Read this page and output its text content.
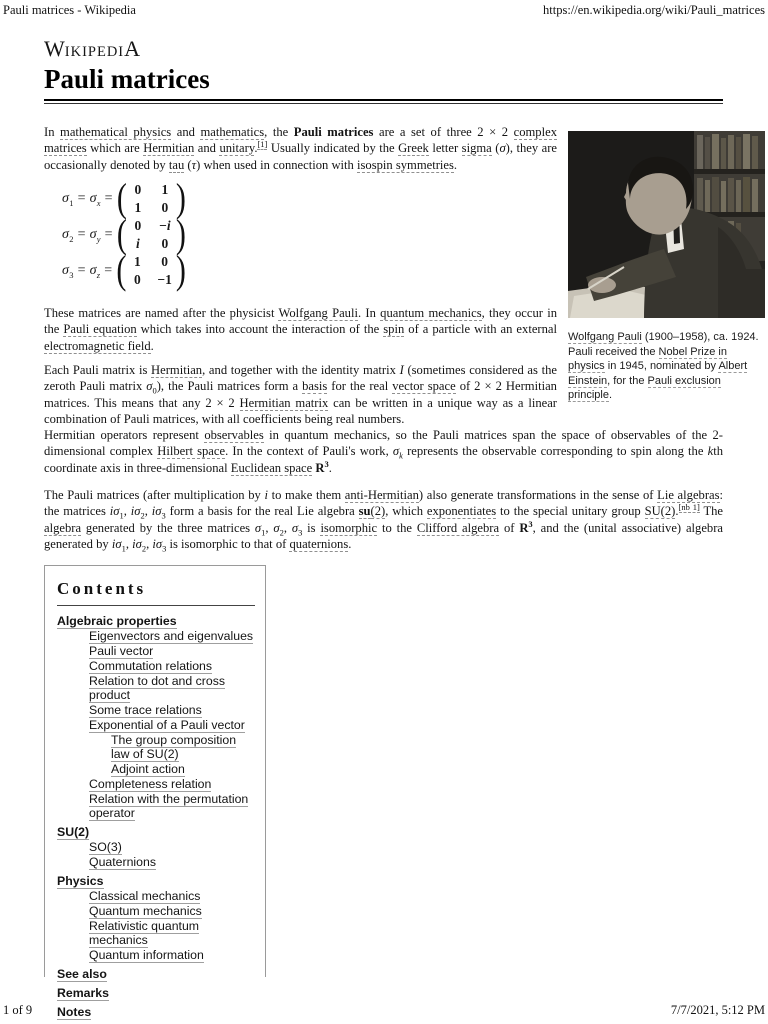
Pauli matrices - Wikipedia	https://en.wikipedia.org/wiki/Pauli_matrices
WIKIPEDIA
Pauli matrices

In mathematical physics and mathematics, the Pauli matrices are a set of three 2 × 2 complex matrices which are Hermitian and unitary.[1] Usually indicated by the Greek letter sigma (σ), they are occasionally denoted by tau (τ) when used in connection with isospin symmetries.

$\sigma_1 = \sigma_x$ = ( 0 1
1 0 )
$\sigma_2 = \sigma_y$ = ( 0 −i
i	0 )
$\sigma_3 = \sigma_z$ = ( 1 0
0 −1 )
Wolfgang Pauli (1900–1958), ca. 1924. Pauli received the Nobel Prize in physics in 1945, nominated by Albert Einstein, for the Pauli exclusion principle.

These matrices are named after the physicist Wolfgang Pauli. In quantum mechanics, they occur in the Pauli equation which takes into account the interaction of the spin of a particle with an external electromagnetic field.

Each Pauli matrix is Hermitian, and together with the identity matrix I (sometimes considered as the zeroth Pauli matrix $\sigma_0$), the Pauli matrices form a basis for the real vector space of 2 × 2 Hermitian matrices. This means that any 2 × 2 Hermitian matrix can be written in a unique way as a linear combination of Pauli matrices, with all coefficients being real numbers.

Hermitian operators represent observables in quantum mechanics, so the Pauli matrices span the space of observables of the 2-dimensional complex Hilbert space. In the context of Pauli's work, $\sigma_k$ represents the observable corresponding to spin along the kth coordinate axis in three-dimensional Euclidean space $R^3$.

The Pauli matrices (after multiplication by i to make them anti-Hermitian) also generate transformations in the sense of Lie algebras: the matrices $i\sigma_1$, $i\sigma_2$, $i\sigma_3$ form a basis for the real Lie algebra su(2), which exponentiates to the special unitary group SU(2).[nb 1] The algebra generated by the three matrices $\sigma_1$, $\sigma_2$, $\sigma_3$ is isomorphic to the Clifford algebra of $R^3$, and the (unital associative) algebra generated by $i\sigma_1$, $i\sigma_2$, $i\sigma_3$ is isomorphic to that of quaternions.

Contents
Algebraic properties
Eigenvectors and eigenvalues
Pauli vector
Commutation relations
Relation to dot and cross product
Some trace relations
Exponential of a Pauli vector
The group composition law of SU(2)
Adjoint action
Completeness relation
Relation with the permutation operator
SU(2)
SO(3)
Quaternions
Physics
Classical mechanics
Quantum mechanics
Relativistic quantum mechanics
Quantum information
See also
Remarks
Notes
1 of 9	7/7/2021, 5:12 PM
